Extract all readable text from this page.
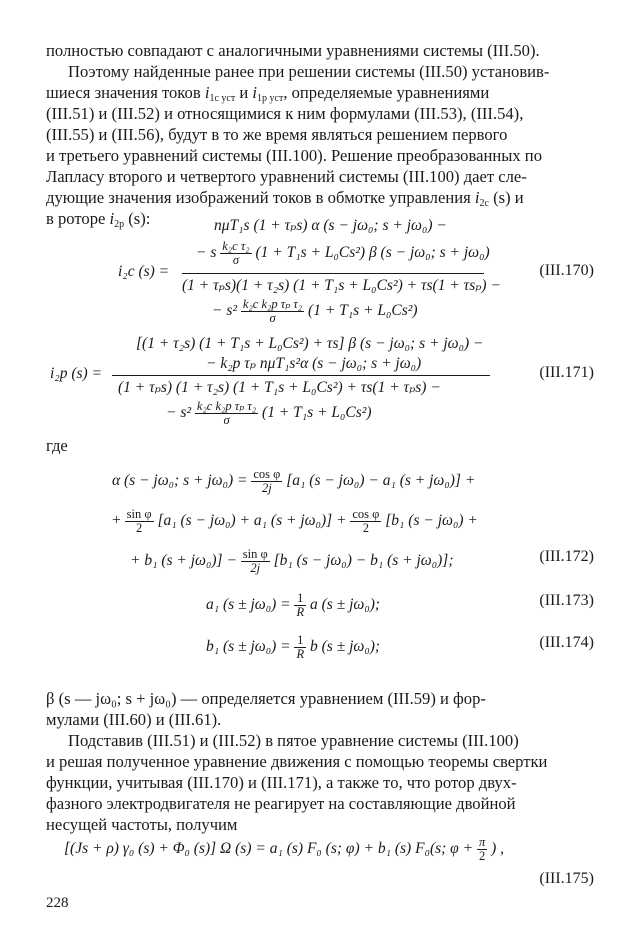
полностью совпадают с аналогичными уравнениями системы (III.50).

Поэтому найденные ранее при решении системы (III.50) установив-

шиеся значения токов $i_{1с уст}$ и $i_{1р уст}$, определяемые уравнениями

(III.51) и (III.52) и относящимися к ним формулами (III.53), (III.54),

(III.55) и (III.56), будут в то же время являться решением первого

и третьего уравнений системы (III.100). Решение преобразованных по

Лапласу второго и четвертого уравнений системы (III.100) дает сле-

дующие значения изображений токов в обмотке управления $i_{2с}$ (s) и

в роторе $i_{2р}$ (s):	nμT₁s (1 + τₚs) α (s − jω₀; s + jω₀) −
− s $\frac{\text{k₂с τ₂}}{\sigma} (1 + T_1s + L_0Cs^2)$ β (s − jω₀; s + jω₀)
i₂с (s) =
(1 + τₚs)(1 + τ₂s) (1 + T₁s + L₀Cs²) + τs(1 + τsₚ) −
(III.170)
− $s^2 \frac{\text{k₂с k₂р τₚ τ₂}}{\sigma} (1 + T_1s + L_0Cs^2)$
[(1 + τ₂s) (1 + T₁s + L₀Cs²) + τs] β (s − jω₀; s + jω₀) −
− k₂р τₚ nμT₁s²α (s − jω₀; s + jω₀)
i₂р (s) =
(1 + τₚs) (1 + τ₂s) (1 + T₁s + L₀Cs²) + τs(1 + τₚs) −
(III.171)
− $s^2 \frac{\text{k₂с k₂р τₚ τ₂}}{\sigma} (1 + T_1s + L_0Cs^2)$
где
α (s − jω₀; $s + j\omega_0) = \frac{\text{cos φ}}{2j} [a_1$ (s − jω₀) − a₁ (s + jω₀)] +
+ $\frac{\text{sin φ}}{2} [a_1$ (s − jω₀) + a₁ $(s + j\omega_0)] + \frac{\text{cos φ}}{2} [b_1$ (s − jω₀) +
+ b₁ $(s + j\omega_0)] - \frac{\text{sin φ}}{2j} [b_1$ (s − jω₀) − b₁ (s + jω₀)];	(III.172)
a₁ $(s \pm j\omega_0) = \frac{1}{R}$ a (s ± jω₀);	(III.173)
b₁ $(s \pm j\omega_0) = \frac{1}{R}$ b (s ± jω₀);	(III.174)

β (s — jω₀; s + jω₀) — определяется уравнением (III.59) и фор-

мулами (III.60) и (III.61).

Подставив (III.51) и (III.52) в пятое уравнение системы (III.100)

и решая полученное уравнение движения с помощью теоремы свертки

функции, учитывая (III.170) и (III.171), а также то, что ротор двух-

фазного электродвигателя не реагирует на составляющие двойной

несущей частоты, получим

[(Js + ρ) γ₀ (s) + Φ₀ (s)] Ω (s) = a₁ (s) F₀ (s; φ) + b₁ (s) F₀(s; $\varphi + \frac{\pi}{2}$ ) ,
(III.175)
228
